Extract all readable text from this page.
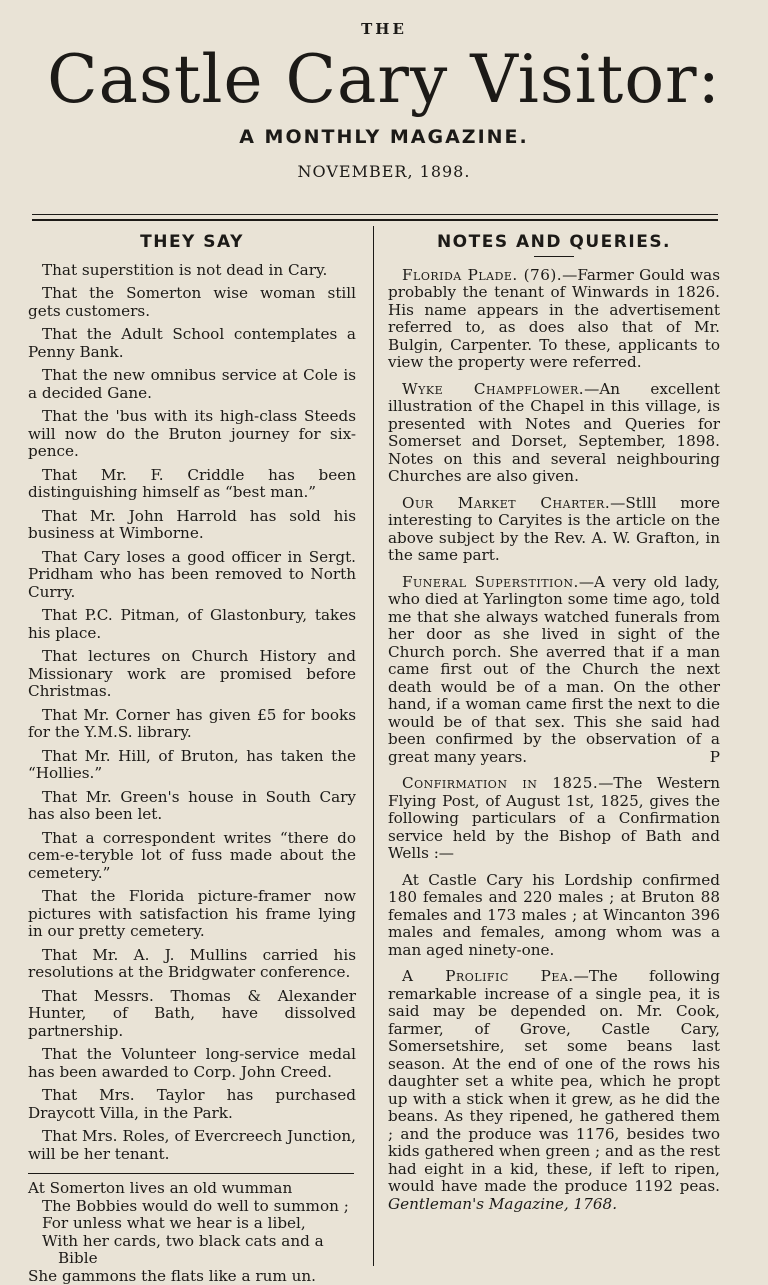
THE
Castle Cary Visitor:
A MONTHLY MAGAZINE.
NOVEMBER, 1898.
THEY SAY

That superstition is not dead in Cary.

That the Somerton wise woman still gets customers.

That the Adult School contemplates a Penny Bank.

That the new omnibus service at Cole is a decided Gane.

That the 'bus with its high-class Steeds will now do the Bruton journey for six-pence.

That Mr. F. Criddle has been distinguishing himself as “best man.”

That Mr. John Harrold has sold his business at Wimborne.

That Cary loses a good officer in Sergt. Pridham who has been removed to North Curry.

That P.C. Pitman, of Glastonbury, takes his place.

That lectures on Church History and Missionary work are promised before Christmas.

That Mr. Corner has given £5 for books for the Y.M.S. library.

That Mr. Hill, of Bruton, has taken the “Hollies.”

That Mr. Green's house in South Cary has also been let.

That a correspondent writes “there do cem-e-teryble lot of fuss made about the cemetery.”

That the Florida picture-framer now pictures with satisfaction his frame lying in our pretty cemetery.

That Mr. A. J. Mullins carried his resolutions at the Bridgwater conference.

That Messrs. Thomas & Alexander Hunter, of Bath, have dissolved partnership.

That the Volunteer long-service medal has been awarded to Corp. John Creed.

That Mrs. Taylor has purchased Draycott Villa, in the Park.

That Mrs. Roles, of Evercreech Junction, will be her tenant.

At Somerton lives an old wumman
The Bobbies would do well to summon ;
For unless what we hear is a libel,
With her cards, two black cats and a
Bible
She gammons the flats like a rum un.
NOTES AND QUERIES.

Florida Plade. (76).—Farmer Gould was probably the tenant of Winwards in 1826. His name appears in the advertisement referred to, as does also that of Mr. Bulgin, Carpenter. To these, applicants to view the property were referred.

Wyke Champflower.—An excellent illustration of the Chapel in this village, is presented with Notes and Queries for Somerset and Dorset, September, 1898. Notes on this and several neighbouring Churches are also given.

Our Market Charter.—Stlll more interesting to Caryites is the article on the above subject by the Rev. A. W. Grafton, in the same part.

Funeral Superstition.—A very old lady, who died at Yarlington some time ago, told me that she always watched funerals from her door as she lived in sight of the Church porch. She averred that if a man came first out of the Church the next death would be of a man. On the other hand, if a woman came first the next to die would be of that sex. This she said had been confirmed by the observation of a great many years.	P

Confirmation in 1825.—The Western Flying Post, of August 1st, 1825, gives the following particulars of a Confirmation service held by the Bishop of Bath and Wells :—

At Castle Cary his Lordship confirmed 180 females and 220 males ; at Bruton 88 females and 173 males ; at Wincanton 396 males and females, among whom was a man aged ninety-one.

A Prolific Pea.—The following remarkable increase of a single pea, it is said may be depended on. Mr. Cook, farmer, of Grove, Castle Cary, Somersetshire, set some beans last season. At the end of one of the rows his daughter set a white pea, which he propt up with a stick when it grew, as he did the beans. As they ripened, he gathered them ; and the produce was 1176, besides two kids gathered when green ; and as the rest had eight in a kid, these, if left to ripen, would have made the produce 1192 peas. Gentleman's Magazine, 1768.
